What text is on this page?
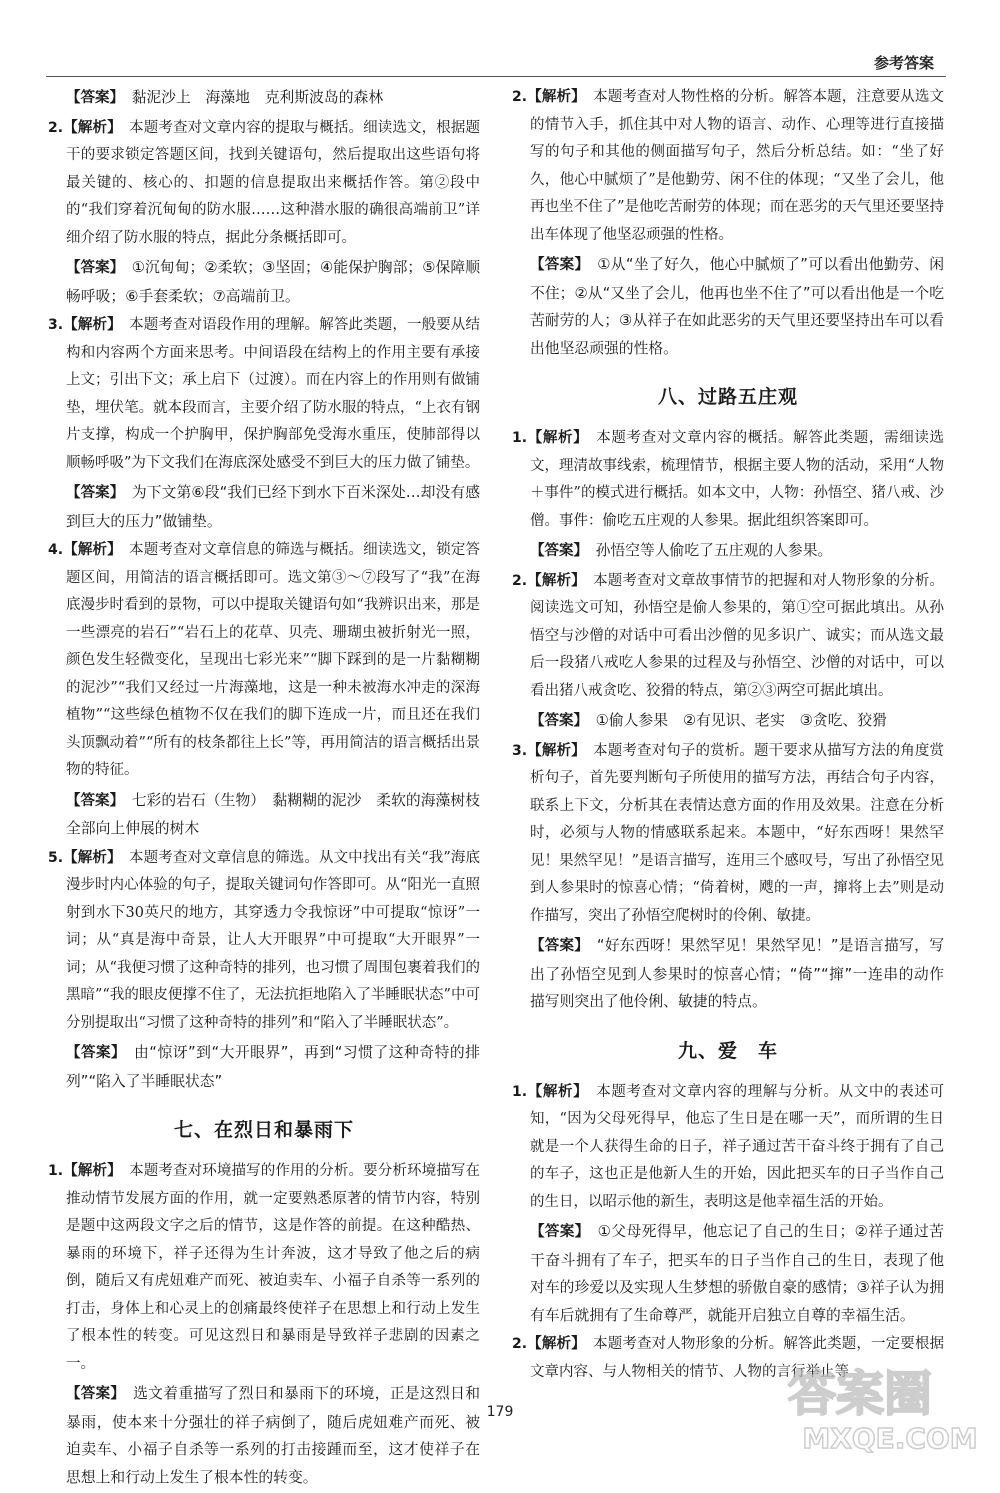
参考答案
【答案】　 黏泥沙上　海藻地　克利斯波岛的森林
2.【解析】　 本题考查对文章内容的提取与概括。细读选文，根据题干的要求锁定答题区间，找到关键语句，然后提取出这些语句将最关键的、核心的、扣题的信息提取出来概括作答。第②段中的“我们穿着沉甸甸的防水服……这种潜水服的确很高端前卫”详细介绍了防水服的特点，据此分条概括即可。
【答案】　 ①沉甸甸；②柔软；③坚固；④能保护胸部；⑤保障顺畅呼吸；⑥手套柔软；⑦高端前卫。
3.【解析】　 本题考查对语段作用的理解。解答此类题，一般要从结构和内容两个方面来思考。中间语段在结构上的作用主要有承接上文；引出下文；承上启下（过渡）。而在内容上的作用则有做铺垫，埋伏笔。就本段而言，主要介绍了防水服的特点，“上衣有钢片支撑，构成一个护胸甲，保护胸部免受海水重压，使肺部得以顺畅呼吸”为下文我们在海底深处感受不到巨大的压力做了铺垫。
【答案】　 为下文第⑥段“我们已经下到水下百米深处…却没有感到巨大的压力”做铺垫。
4.【解析】　 本题考查对文章信息的筛选与概括。细读选文，锁定答题区间，用简洁的语言概括即可。选文第③～⑦段写了“我”在海底漫步时看到的景物，可以中提取关键语句如“我辨识出来，那是一些漂亮的岩石”“岩石上的花草、贝壳、珊瑚虫被折射光一照，颜色发生轻微变化，呈现出七彩光来”“脚下踩到的是一片黏糊糊的泥沙”“我们又经过一片海藻地，这是一种未被海水冲走的深海植物”“这些绿色植物不仅在我们的脚下连成一片，而且还在我们头顶飘动着”“所有的枝条都往上长”等，再用简洁的语言概括出景物的特征。
【答案】　 七彩的岩石（生物）　黏糊糊的泥沙　柔软的海藻树枝全部向上伸展的树木
5.【解析】　 本题考查对文章信息的筛选。从文中找出有关“我”海底漫步时内心体验的句子，提取关键词句作答即可。从“阳光一直照射到水下30英尺的地方，其穿透力令我惊讶”中可提取“惊讶”一词；从“真是海中奇景，让人大开眼界”中可提取“大开眼界”一词；从“我便习惯了这种奇特的排列，也习惯了周围包裹着我们的黑暗”“我的眼皮便撑不住了，无法抗拒地陷入了半睡眠状态”中可分别提取出“习惯了这种奇特的排列”和“陷入了半睡眠状态”。
【答案】　 由“惊讶”到“大开眼界”，再到“习惯了这种奇特的排列”“陷入了半睡眠状态”
七、在烈日和暴雨下
1.【解析】　 本题考查对环境描写的作用的分析。要分析环境描写在推动情节发展方面的作用，就一定要熟悉原著的情节内容，特别是题中这两段文字之后的情节，这是作答的前提。在这种酷热、暴雨的环境下，祥子还得为生计奔波，这才导致了他之后的病倒，随后又有虎妞难产而死、被迫卖车、小福子自杀等一系列的打击，身体上和心灵上的创痛最终使祥子在思想上和行动上发生了根本性的转变。可见这烈日和暴雨是导致祥子悲剧的因素之一。
【答案】　 选文着重描写了烈日和暴雨下的环境，正是这烈日和暴雨，使本来十分强壮的祥子病倒了，随后虎妞难产而死、被迫卖车、小福子自杀等一系列的打击接踵而至，这才使祥子在思想上和行动上发生了根本性的转变。
2.【解析】　 本题考查对人物性格的分析。解答本题，注意要从选文的情节入手，抓住其中对人物的语言、动作、心理等进行直接描写的句子和其他的侧面描写句子，然后分析总结。如：“坐了好久，他心中腻烦了”是他勤劳、闲不住的体现；“又坐了会儿，他再也坐不住了”是他吃苦耐劳的体现；而在恶劣的天气里还要坚持出车体现了他坚忍顽强的性格。
【答案】　 ①从“坐了好久，他心中腻烦了”可以看出他勤劳、闲不住；②从“又坐了会儿，他再也坐不住了”可以看出他是一个吃苦耐劳的人；③从祥子在如此恶劣的天气里还要坚持出车可以看出他坚忍顽强的性格。
八、过路五庄观
1.【解析】　 本题考查对文章内容的概括。解答此类题，需细读选文，理清故事线索，梳理情节，根据主要人物的活动，采用“人物＋事件”的模式进行概括。如本文中，人物：孙悟空、猪八戒、沙僧。事件：偷吃五庄观的人参果。据此组织答案即可。
【答案】　 孙悟空等人偷吃了五庄观的人参果。
2.【解析】　 本题考查对文章故事情节的把握和对人物形象的分析。阅读选文可知，孙悟空是偷人参果的，第①空可据此填出。从孙悟空与沙僧的对话中可看出沙僧的见多识广、诚实；而从选文最后一段猪八戒吃人参果的过程及与孙悟空、沙僧的对话中，可以看出猪八戒贪吃、狡猾的特点，第②③两空可据此填出。
【答案】　 ①偷人参果　②有见识、老实　③贪吃、狡猾
3.【解析】　 本题考查对句子的赏析。题干要求从描写方法的角度赏析句子，首先要判断句子所使用的描写方法，再结合句子内容，联系上下文，分析其在表情达意方面的作用及效果。注意在分析时，必须与人物的情感联系起来。本题中，“好东西呀！果然罕见！果然罕见！”是语言描写，连用三个感叹号，写出了孙悟空见到人参果时的惊喜心情；“倚着树，飕的一声，撺将上去”则是动作描写，突出了孙悟空爬树时的伶俐、敏捷。
【答案】　 “好东西呀！果然罕见！果然罕见！”是语言描写，写出了孙悟空见到人参果时的惊喜心情；“倚”“撺”一连串的动作描写则突出了他伶俐、敏捷的特点。
九、爱　车
1.【解析】　 本题考查对文章内容的理解与分析。从文中的表述可知，“因为父母死得早，他忘了生日是在哪一天”，而所谓的生日就是一个人获得生命的日子，祥子通过苦干奋斗终于拥有了自己的车子，这也正是他新人生的开始，因此把买车的日子当作自己的生日，以昭示他的新生，表明这是他幸福生活的开始。
【答案】　 ①父母死得早，他忘记了自己的生日；②祥子通过苦干奋斗拥有了车子，把买车的日子当作自己的生日，表现了他对车的珍爱以及实现人生梦想的骄傲自豪的感情；③祥子认为拥有车后就拥有了生命尊严，就能开启独立自尊的幸福生活。
2.【解析】　 本题考查对人物形象的分析。解答此类题，一定要根据文章内容、与人物相关的情节、人物的言行举止等
179	答案圈
MXQE.COM
